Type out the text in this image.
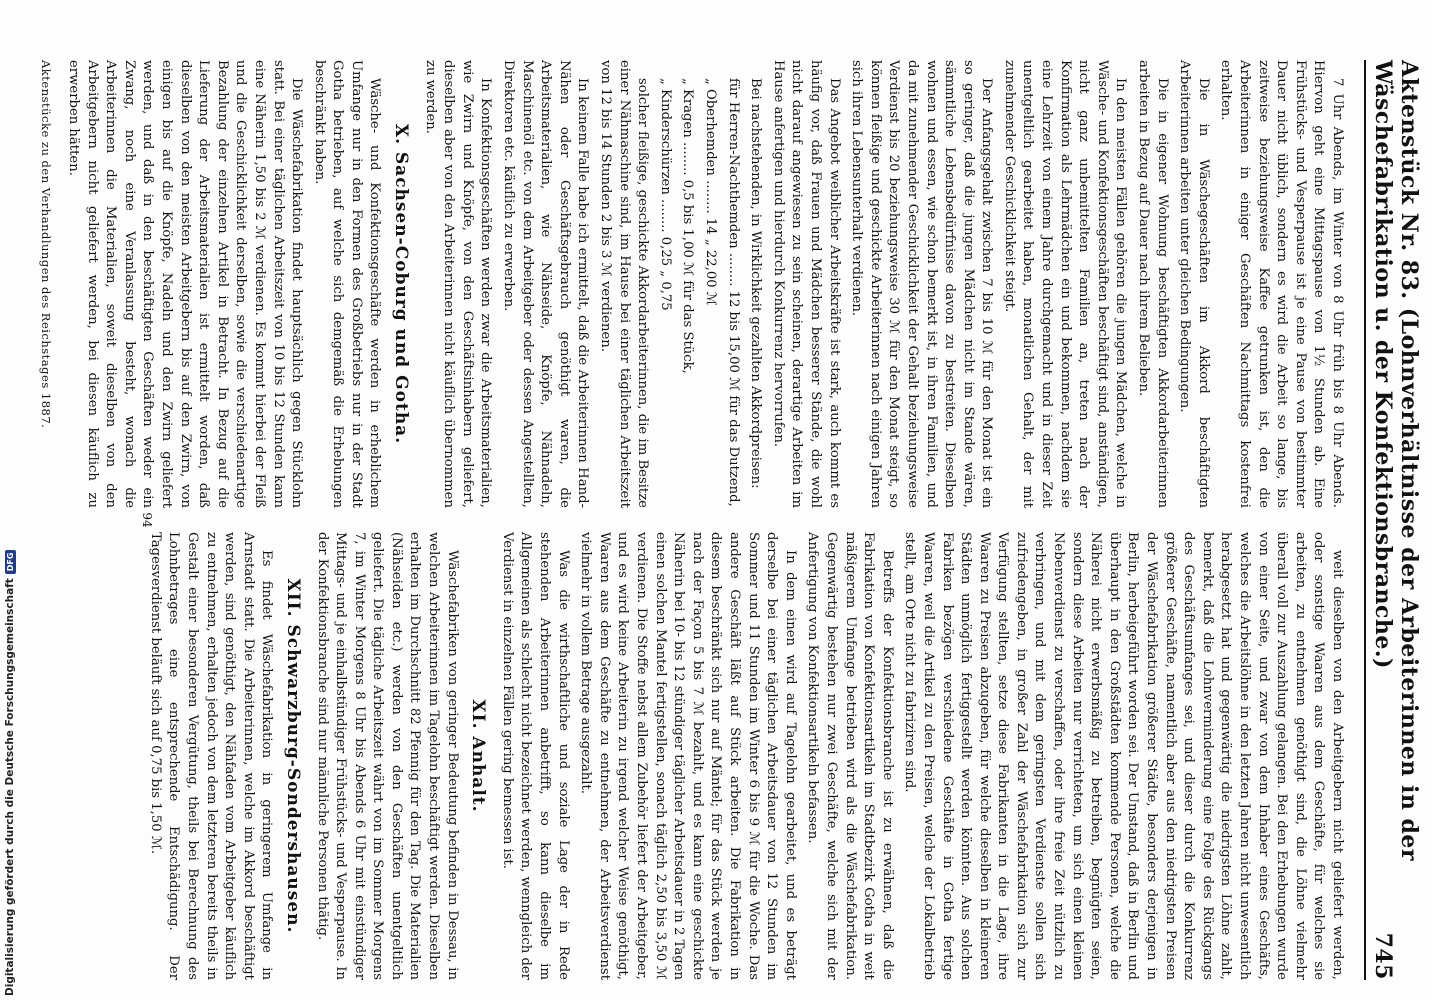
Aktenstück Nr. 83. (Lohnverhältnisse der Arbeiterinnen in der Wäschefabrikation u. der Konfektionsbranche.)
745

7 Uhr Abends, im Winter von 8 Uhr früh bis 8 Uhr Abends. Hiervon geht eine Mittagspause von 1½ Stunden ab. Eine Frühstücks- und Vesperpause ist je eine Pause von bestimmter Dauer nicht üblich, sondern es wird die Arbeit so lange, bis zeitweise beziehungsweise Kaffee getrunken ist, den die Arbeiterinnen in einiger Geschäften Nachmittags kostenfrei erhalten.

Die in Wäschegeschäften im Akkord beschäftigten Arbeiterinnen arbeiten unter gleichen Bedingungen.

Die in eigener Wohnung beschäftigten Akkordarbeiterinnen arbeiten in Bezug auf Dauer nach ihrem Belieben.

In den meisten Fällen gehören die jungen Mädchen, welche in Wäsche- und Konfektionsgeschäften beschäftigt sind, anständigen, nicht ganz unbemittelten Familien an, treten nach der Konfirmation als Lehrmädchen ein und bekommen, nachdem sie eine Lehrzeit von einem Jahre durchgemacht und in dieser Zeit unentgeltlich gearbeitet haben, monatlichen Gehalt, der mit zunehmender Geschicklichkeit steigt.

Der Anfangsgehalt zwischen 7 bis 10 ℳ für den Monat ist ein so geringer, daß die jungen Mädchen nicht im Stande wären, sämmtliche Lebensbedürfnisse davon zu bestreiten. Dieselben wohnen und essen, wie schon bemerkt ist, in ihren Familien, und da mit zunehmender Geschicklichkeit der Gehalt beziehungsweise Verdienst bis 20 beziehungsweise 30 ℳ für den Monat steigt, so können fleißige und geschickte Arbeiterinnen nach einigen Jahren sich ihren Lebensunterhalt verdienen.

Das Angebot weiblicher Arbeitskräfte ist stark, auch kommt es häufig vor, daß Frauen und Mädchen besserer Stände, die wohl nicht darauf angewiesen zu sein scheinen, derartige Arbeiten im Hause anfertigen und hierdurch Konkurrenz hervorrufen.

Bei nachstehenden, in Wirklichkeit gezahlten Akkordpreisen:

für Herren-Nachthemden ........ 12 bis 15,00 ℳ für das Dutzend,

„ Oberhemden ........ 14 „ 22,00 ℳ

„ Kragen ........ 0,5 bis 1,00 ℳ für das Stück,

„ Kinderschürzen ........ 0,25 „ 0,75

solcher fleißige, geschickte Akkordarbeiterinnen, die im Besitze einer Nähmaschine sind, im Hause bei einer täglichen Arbeitszeit von 12 bis 14 Stunden 2 bis 3 ℳ verdienen.

In keinem Falle habe ich ermittelt, daß die Arbeiterinnen Hand-Nähen oder Geschäftsgebrauch genöthigt waren, die Arbeitsmaterialien, wie Nähseide, Knöpfe, Nähnadeln, Maschinenöl etc. von dem Arbeitgeber oder dessen Angestellten, Direktoren etc. käuflich zu erwerben.

In Konfektionsgeschäften werden zwar die Arbeitsmaterialien, wie Zwirn und Knöpfe, von den Geschäftsinhabern geliefert, dieselben aber von den Arbeiterinnen nicht käuflich übernommen zu werden.

X. Sachsen-Coburg und Gotha.

Wäsche- und Konfektionsgeschäfte werden in erheblichem Umfange nur in den Formen des Großbetriebs nur in der Stadt Gotha betrieben, auf welche sich demgemäß die Erhebungen beschränkt haben.

Die Wäschefabrikation findet hauptsächlich gegen Stücklohn statt. Bei einer täglichen Arbeitszeit von 10 bis 12 Stunden kann eine Näherin 1,50 bis 2 ℳ verdienen. Es kommt hierbei der Fleiß und die Geschicklichkeit derselben, sowie die verschiedenartige Bezahlung der einzelnen Artikel in Betracht. In Bezug auf die Lieferung der Arbeitsmaterialien ist ermittelt worden, daß dieselben von den meisten Arbeitgebern bis auf den Zwirn, von einigen bis auf die Knöpfe, Nadeln und den Zwirn geliefert werden, und daß in den beschäftigten Geschäften weder ein Zwang, noch eine Veranlassung besteht, wonach die Arbeiterinnen die Materialien, soweit dieselben von den Arbeitgebern nicht geliefert werden, bei diesen käuflich zu erwerben hätten.

Aktenstücke zu den Verhandlungen des Reichstages 1887.

weit dieselben von den Arbeitgebern nicht geliefert werden, oder sonstige Waaren aus dem Geschäfte, für welches sie arbeiten, zu entnehmen genöthigt sind, die Löhne vielmehr überall voll zur Auszahlung gelangen. Bei den Erhebungen wurde von einer Seite, und zwar von dem Inhaber eines Geschäfts, welches die Arbeitslöhne in den letzten Jahren nicht unwesentlich herabgesetzt hat und gegenwärtig die niedrigsten Löhne zahlt, bemerkt, daß die Lohnverminderung eine Folge des Rückgangs des Geschäftsumfanges sei, und dieser durch die Konkurrenz größerer Geschäfte, namentlich aber aus den niedrigsten Preisen der Wäschefabrikation größerer Städte, besonders derjenigen in Berlin, herbeigeführt worden sei. Der Umstand, daß in Berlin und überhaupt in den Großstädten kommende Personen, welche die Näherei nicht erwerbsmäßig zu betreiben, begnügten seien, sondern diese Arbeiten nur verrichteten, um sich einen kleinen Nebenverdienst zu verschaffen, oder ihre freie Zeit nützlich zu verbringen, und mit dem geringsten Verdienste sollen sich zufriedengeben, in großer Zahl der Wäschefabrikation sich zur Verfügung stellten, setze diese Fabrikanten in die Lage, ihre Waaren zu Preisen abzugeben, für welche dieselben in kleineren Städten unmöglich fertiggestellt werden könnten. Aus solchen Fabriken bezögen verschiedene Geschäfte in Gotha fertige Waaren, weil die Artikel zu den Preisen, welche der Lokalbetrieb stellt, am Orte nicht zu fabriziren sind.

Betreffs der Konfektionsbranche ist zu erwähnen, daß die Fabrikation von Konfektionsartikeln im Stadtbezirk Gotha in weit mäßigerem Umfange betrieben wird als die Wäschefabrikation. Gegenwärtig bestehen nur zwei Geschäfte, welche sich mit der Anfertigung von Konfektionsartikeln befassen.

In dem einen wird auf Tagelohn gearbeitet, und es beträgt derselbe bei einer täglichen Arbeitsdauer von 12 Stunden im Sommer und 11 Stunden im Winter 6 bis 9 ℳ für die Woche. Das andere Geschäft läßt auf Stück arbeiten. Die Fabrikation in diesem beschränkt sich nur auf Mäntel; für das Stück werden je nach der Façon 5 bis 7 ℳ bezahlt, und es kann eine geschickte Näherin bei 10- bis 12 stündiger täglicher Arbeitsdauer in 2 Tagen einen solchen Mantel fertigstellen, sonach täglich 2,50 bis 3,50 ℳ verdienen. Die Stoffe nebst allem Zubehör liefert der Arbeitgeber, und es wird keine Arbeiterin zu irgend welcher Weise genöthigt, Waaren aus dem Geschäfte zu entnehmen, der Arbeitsverdienst vielmehr in vollem Betrage ausgezahlt.

Was die wirthschaftliche und soziale Lage der in Rede stehenden Arbeiterinnen anbetrifft, so kann dieselbe im Allgemeinen als schlecht nicht bezeichnet werden, wenngleich der Verdienst in einzelnen Fällen gering bemessen ist.

XI. Anhalt.

Wäschefabriken von geringer Bedeutung befinden in Dessau, in welchen Arbeiterinnen im Tagelohn beschäftigt werden. Dieselben erhalten im Durchschnitt 82 Pfennig für den Tag. Die Materialien (Nähseiden etc.) werden von den Geschäften unentgeltlich geliefert. Die tägliche Arbeitszeit währt von im Sommer Morgens 7, im Winter Morgens 8 Uhr bis Abends 6 Uhr mit einstündiger Mittags- und je einhalbstündiger Frühstücks- und Vesperpause. In der Konfektionsbranche sind nur männliche Personen thätig.

XII. Schwarzburg-Sondershausen.

Es findet Wäschefabrikation in geringerem Umfange in Arnstadt statt. Die Arbeiterinnen, welche im Akkord beschäftigt werden, sind genöthigt, den Nähfaden vom Arbeitgeber käuflich zu entnehmen, erhalten jedoch von dem letzteren bereits theils in Gestalt einer besonderen Vergütung, theils bei Berechnung des Lohnbetrages eine entsprechende Entschädigung. Der Tagesverdienst beläuft sich auf 0,75 bis 1,50 ℳ.

94
Digitalisierung gefördert durch die Deutsche Forschungsgemeinschaft
DFG
